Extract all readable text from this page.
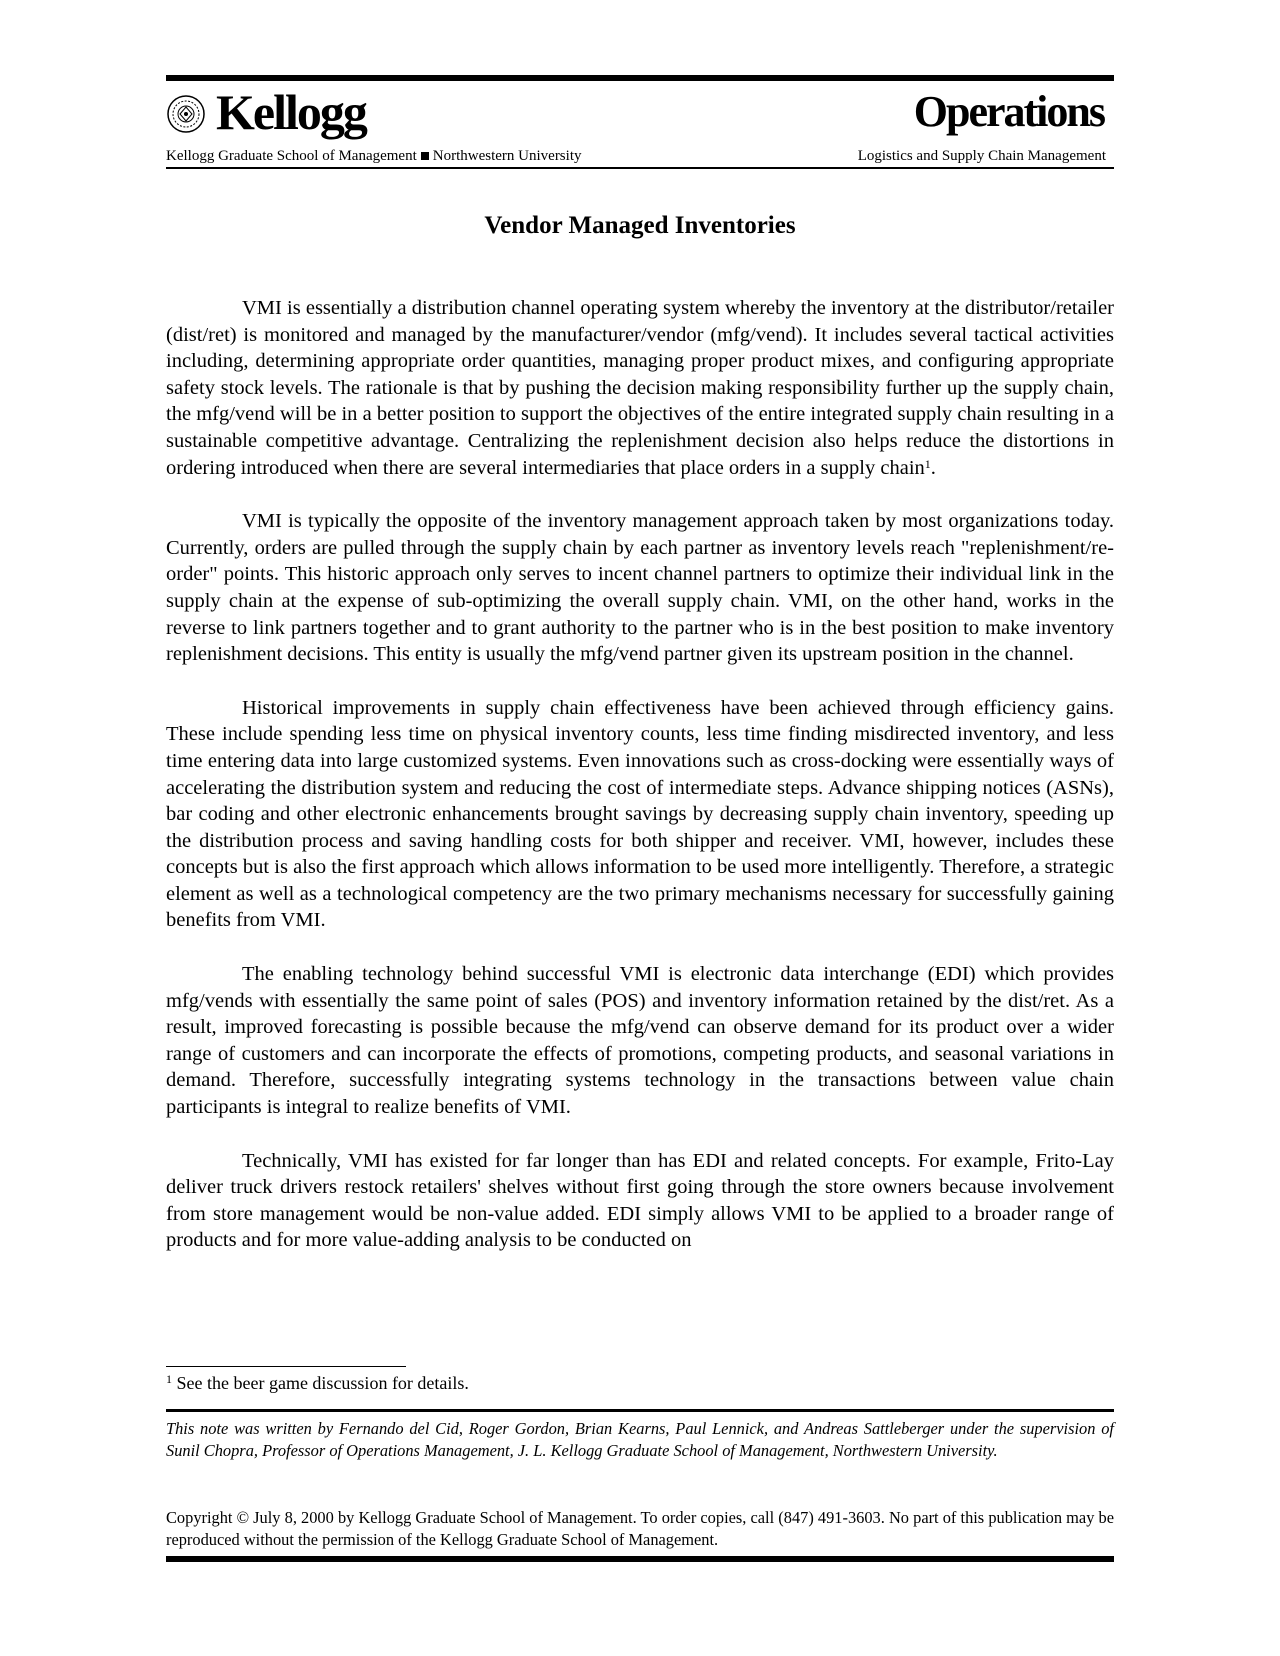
Kellogg	Operations
Kellogg Graduate School of Management Northwestern University	Logistics and Supply Chain Management
Vendor Managed Inventories

VMI is essentially a distribution channel operating system whereby the inventory at the distributor/retailer (dist/ret) is monitored and managed by the manufacturer/vendor (mfg/vend). It includes several tactical activities including, determining appropriate order quantities, managing proper product mixes, and configuring appropriate safety stock levels. The rationale is that by pushing the decision making responsibility further up the supply chain, the mfg/vend will be in a better position to support the objectives of the entire integrated supply chain resulting in a sustainable competitive advantage. Centralizing the replenishment decision also helps reduce the distortions in ordering introduced when there are several intermediaries that place orders in a supply chain$^1$.

VMI is typically the opposite of the inventory management approach taken by most organizations today. Currently, orders are pulled through the supply chain by each partner as inventory levels reach "replenishment/re-order" points. This historic approach only serves to incent channel partners to optimize their individual link in the supply chain at the expense of sub-optimizing the overall supply chain. VMI, on the other hand, works in the reverse to link partners together and to grant authority to the partner who is in the best position to make inventory replenishment decisions. This entity is usually the mfg/vend partner given its upstream position in the channel.

Historical improvements in supply chain effectiveness have been achieved through efficiency gains. These include spending less time on physical inventory counts, less time finding misdirected inventory, and less time entering data into large customized systems. Even innovations such as cross-docking were essentially ways of accelerating the distribution system and reducing the cost of intermediate steps. Advance shipping notices (ASNs), bar coding and other electronic enhancements brought savings by decreasing supply chain inventory, speeding up the distribution process and saving handling costs for both shipper and receiver. VMI, however, includes these concepts but is also the first approach which allows information to be used more intelligently. Therefore, a strategic element as well as a technological competency are the two primary mechanisms necessary for successfully gaining benefits from VMI.

The enabling technology behind successful VMI is electronic data interchange (EDI) which provides mfg/vends with essentially the same point of sales (POS) and inventory information retained by the dist/ret. As a result, improved forecasting is possible because the mfg/vend can observe demand for its product over a wider range of customers and can incorporate the effects of promotions, competing products, and seasonal variations in demand. Therefore, successfully integrating systems technology in the transactions between value chain participants is integral to realize benefits of VMI.

Technically, VMI has existed for far longer than has EDI and related concepts. For example, Frito-Lay deliver truck drivers restock retailers' shelves without first going through the store owners because involvement from store management would be non-value added. EDI simply allows VMI to be applied to a broader range of products and for more value-adding analysis to be conducted on

$^1$ See the beer game discussion for details.
This note was written by Fernando del Cid, Roger Gordon, Brian Kearns, Paul Lennick, and Andreas Sattleberger under the supervision of Sunil Chopra, Professor of Operations Management, J. L. Kellogg Graduate School of Management, Northwestern University.
Copyright © July 8, 2000 by Kellogg Graduate School of Management. To order copies, call (847) 491-3603. No part of this publication may be reproduced without the permission of the Kellogg Graduate School of Management.
